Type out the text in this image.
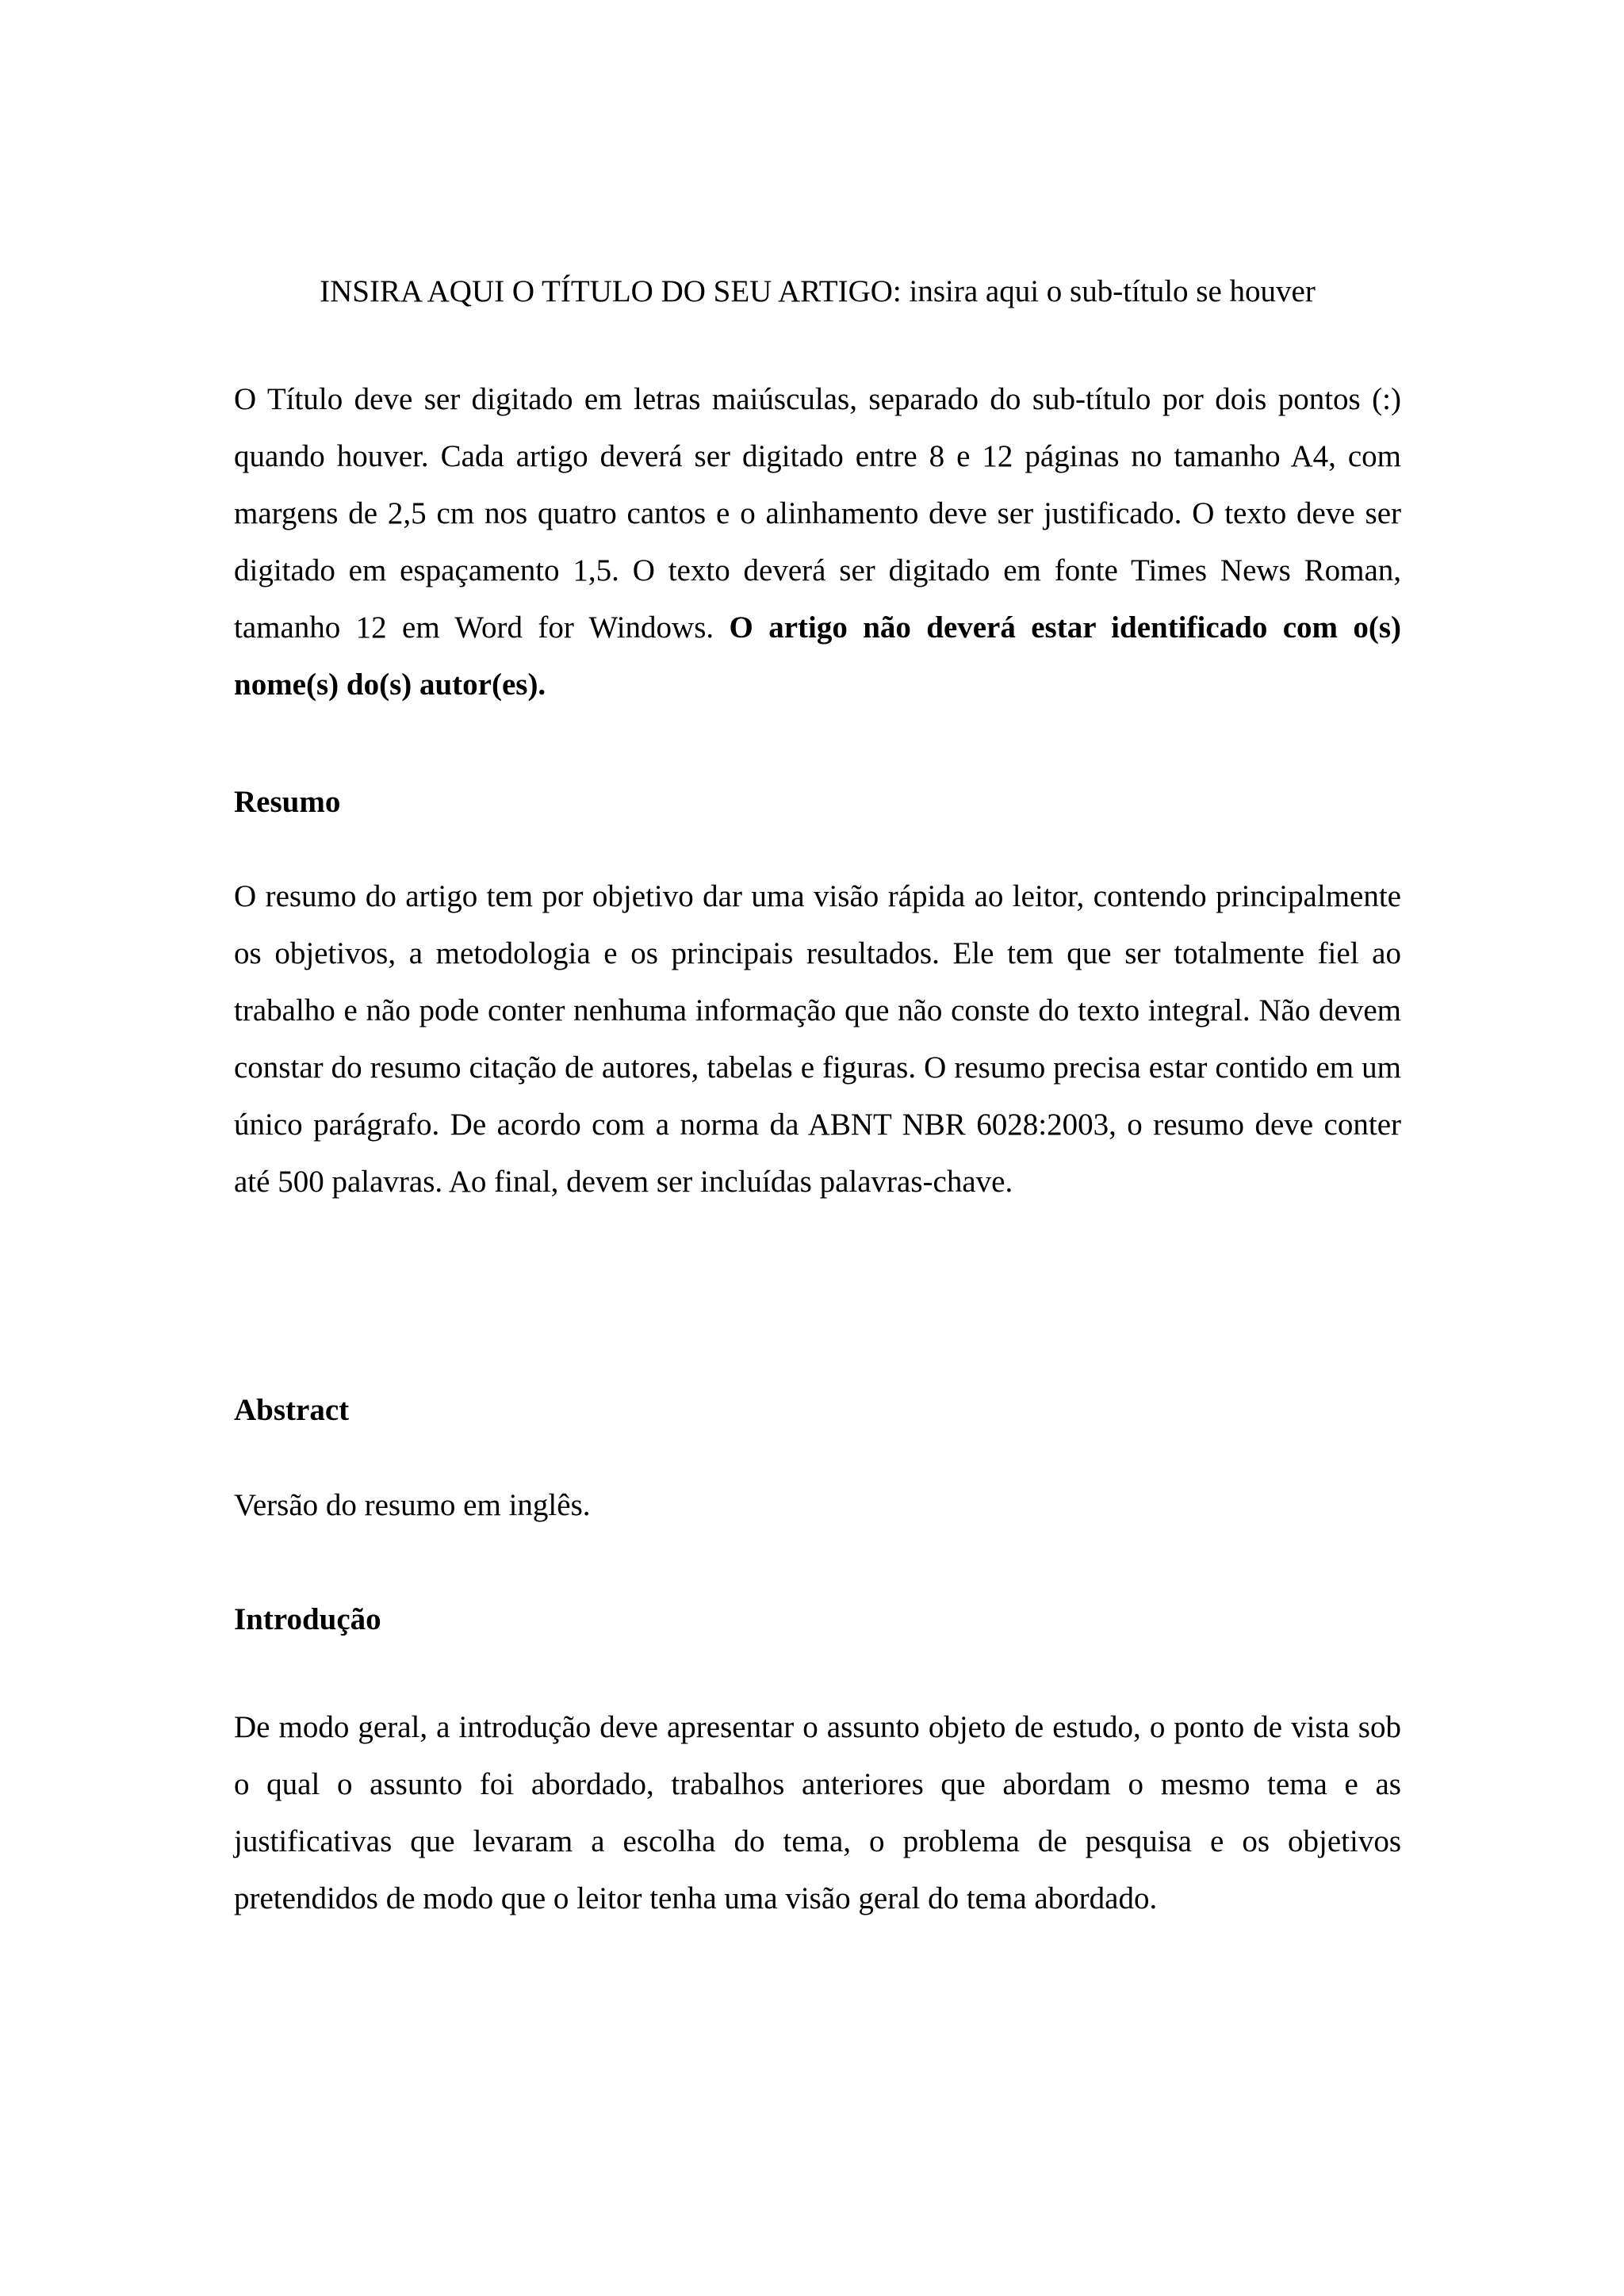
INSIRA AQUI O TÍTULO DO SEU ARTIGO: insira aqui o sub-título se houver

O Título deve ser digitado em letras maiúsculas, separado do sub-título por dois pontos (:) quando houver. Cada artigo deverá ser digitado entre 8 e 12 páginas no tamanho A4, com margens de 2,5 cm nos quatro cantos e o alinhamento deve ser justificado. O texto deve ser digitado em espaçamento 1,5. O texto deverá ser digitado em fonte Times News Roman, tamanho 12 em Word for Windows. O artigo não deverá estar identificado com o(s) nome(s) do(s) autor(es).

Resumo

O resumo do artigo tem por objetivo dar uma visão rápida ao leitor, contendo principalmente os objetivos, a metodologia e os principais resultados. Ele tem que ser totalmente fiel ao trabalho e não pode conter nenhuma informação que não conste do texto integral. Não devem constar do resumo citação de autores, tabelas e figuras. O resumo precisa estar contido em um único parágrafo. De acordo com a norma da ABNT NBR 6028:2003, o resumo deve conter até 500 palavras. Ao final, devem ser incluídas palavras-chave.

Abstract

Versão do resumo em inglês.

Introdução

De modo geral, a introdução deve apresentar o assunto objeto de estudo, o ponto de vista sob o qual o assunto foi abordado, trabalhos anteriores que abordam o mesmo tema e as justificativas que levaram a escolha do tema, o problema de pesquisa e os objetivos pretendidos de modo que o leitor tenha uma visão geral do tema abordado.
